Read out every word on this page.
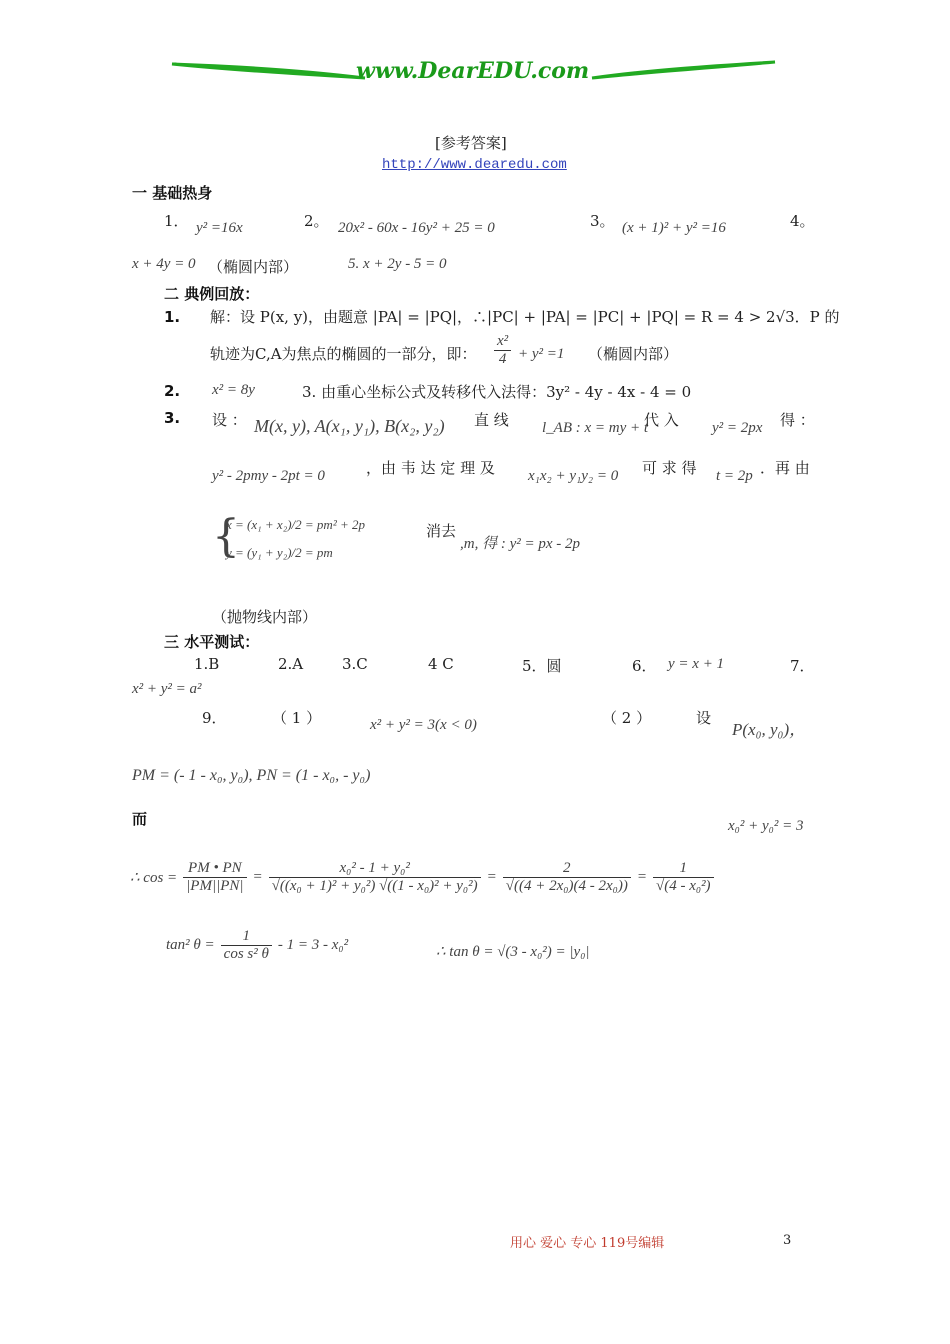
www.DearEDU.com
[参考答案]
http://www.dearedu.com
一 基础热身
1． y² =16x	2。 20x² - 60x - 16y² + 25 = 0	3。 (x + 1)² + y² =16	4。
x + 4y = 0 （椭圆内部）	5. x + 2y - 5 = 0
二 典例回放：
1. 解：设 P(x, y)，由题意 |PA| = |PQ|，∴|PC| + |PA| = |PC| + |PQ| = R = 4 > 2√3．P 的
轨迹为C,A为焦点的椭圆的一部分，即： $\frac{\text{x²}}{4} + y^2 =1$ （椭圆内部）
2. x² = 8y	3. 由重心坐标公式及转移代入法得：3y² - 4y - 4x - 4 = 0
3. 设 ： M(x, y), A(x₁, y₁), B(x₂, y₂) 直 线 l_AB : x = my + t
代 入 y² = 2px 得 ：
y² - 2pmy - 2pt = 0	，由 韦 达 定 理 及 x₁x₂ + y₁y₂ = 0 可 求 得 t = 2p ．再 由
{
x = (x₁ + x₂)/2 = pm² + 2p
y = (y₁ + y₂)/2 = pm
消去
,m, 得 : y² = px - 2p
（抛物线内部）
三 水平测试：
1.B	2.A	3.C	4 C	5．圆	6． y = x + 1	7．
x² + y² = a²
9．	（ 1 ）	x² + y² = 3(x < 0)	（ 2 ）	设
P(x₀, y₀)，
PM = (- 1 - x₀, y₀), PN = (1 - x₀, - y₀)
而	x₀² + y₀² = 3
∴ $\cos = \frac{PM • PN}{|PM||PN|} = \frac{\text{x₀² - 1 + y₀²}}{\text{√((x₀ + 1)² + y₀²) √((1 - x₀)² + y₀²)}} = \frac{2}{\text{√((4 + 2x₀)(4 - 2x₀))}} = \frac{1}{\text{√(4 - x₀²)}}$
tan² $\theta = \frac{1}{\text{cos s² θ}} - 1 = 3 - x_0^2$	∴ tan θ = √(3 - x₀²) = |y₀|
用心 爱心 专心 119号编辑	3
